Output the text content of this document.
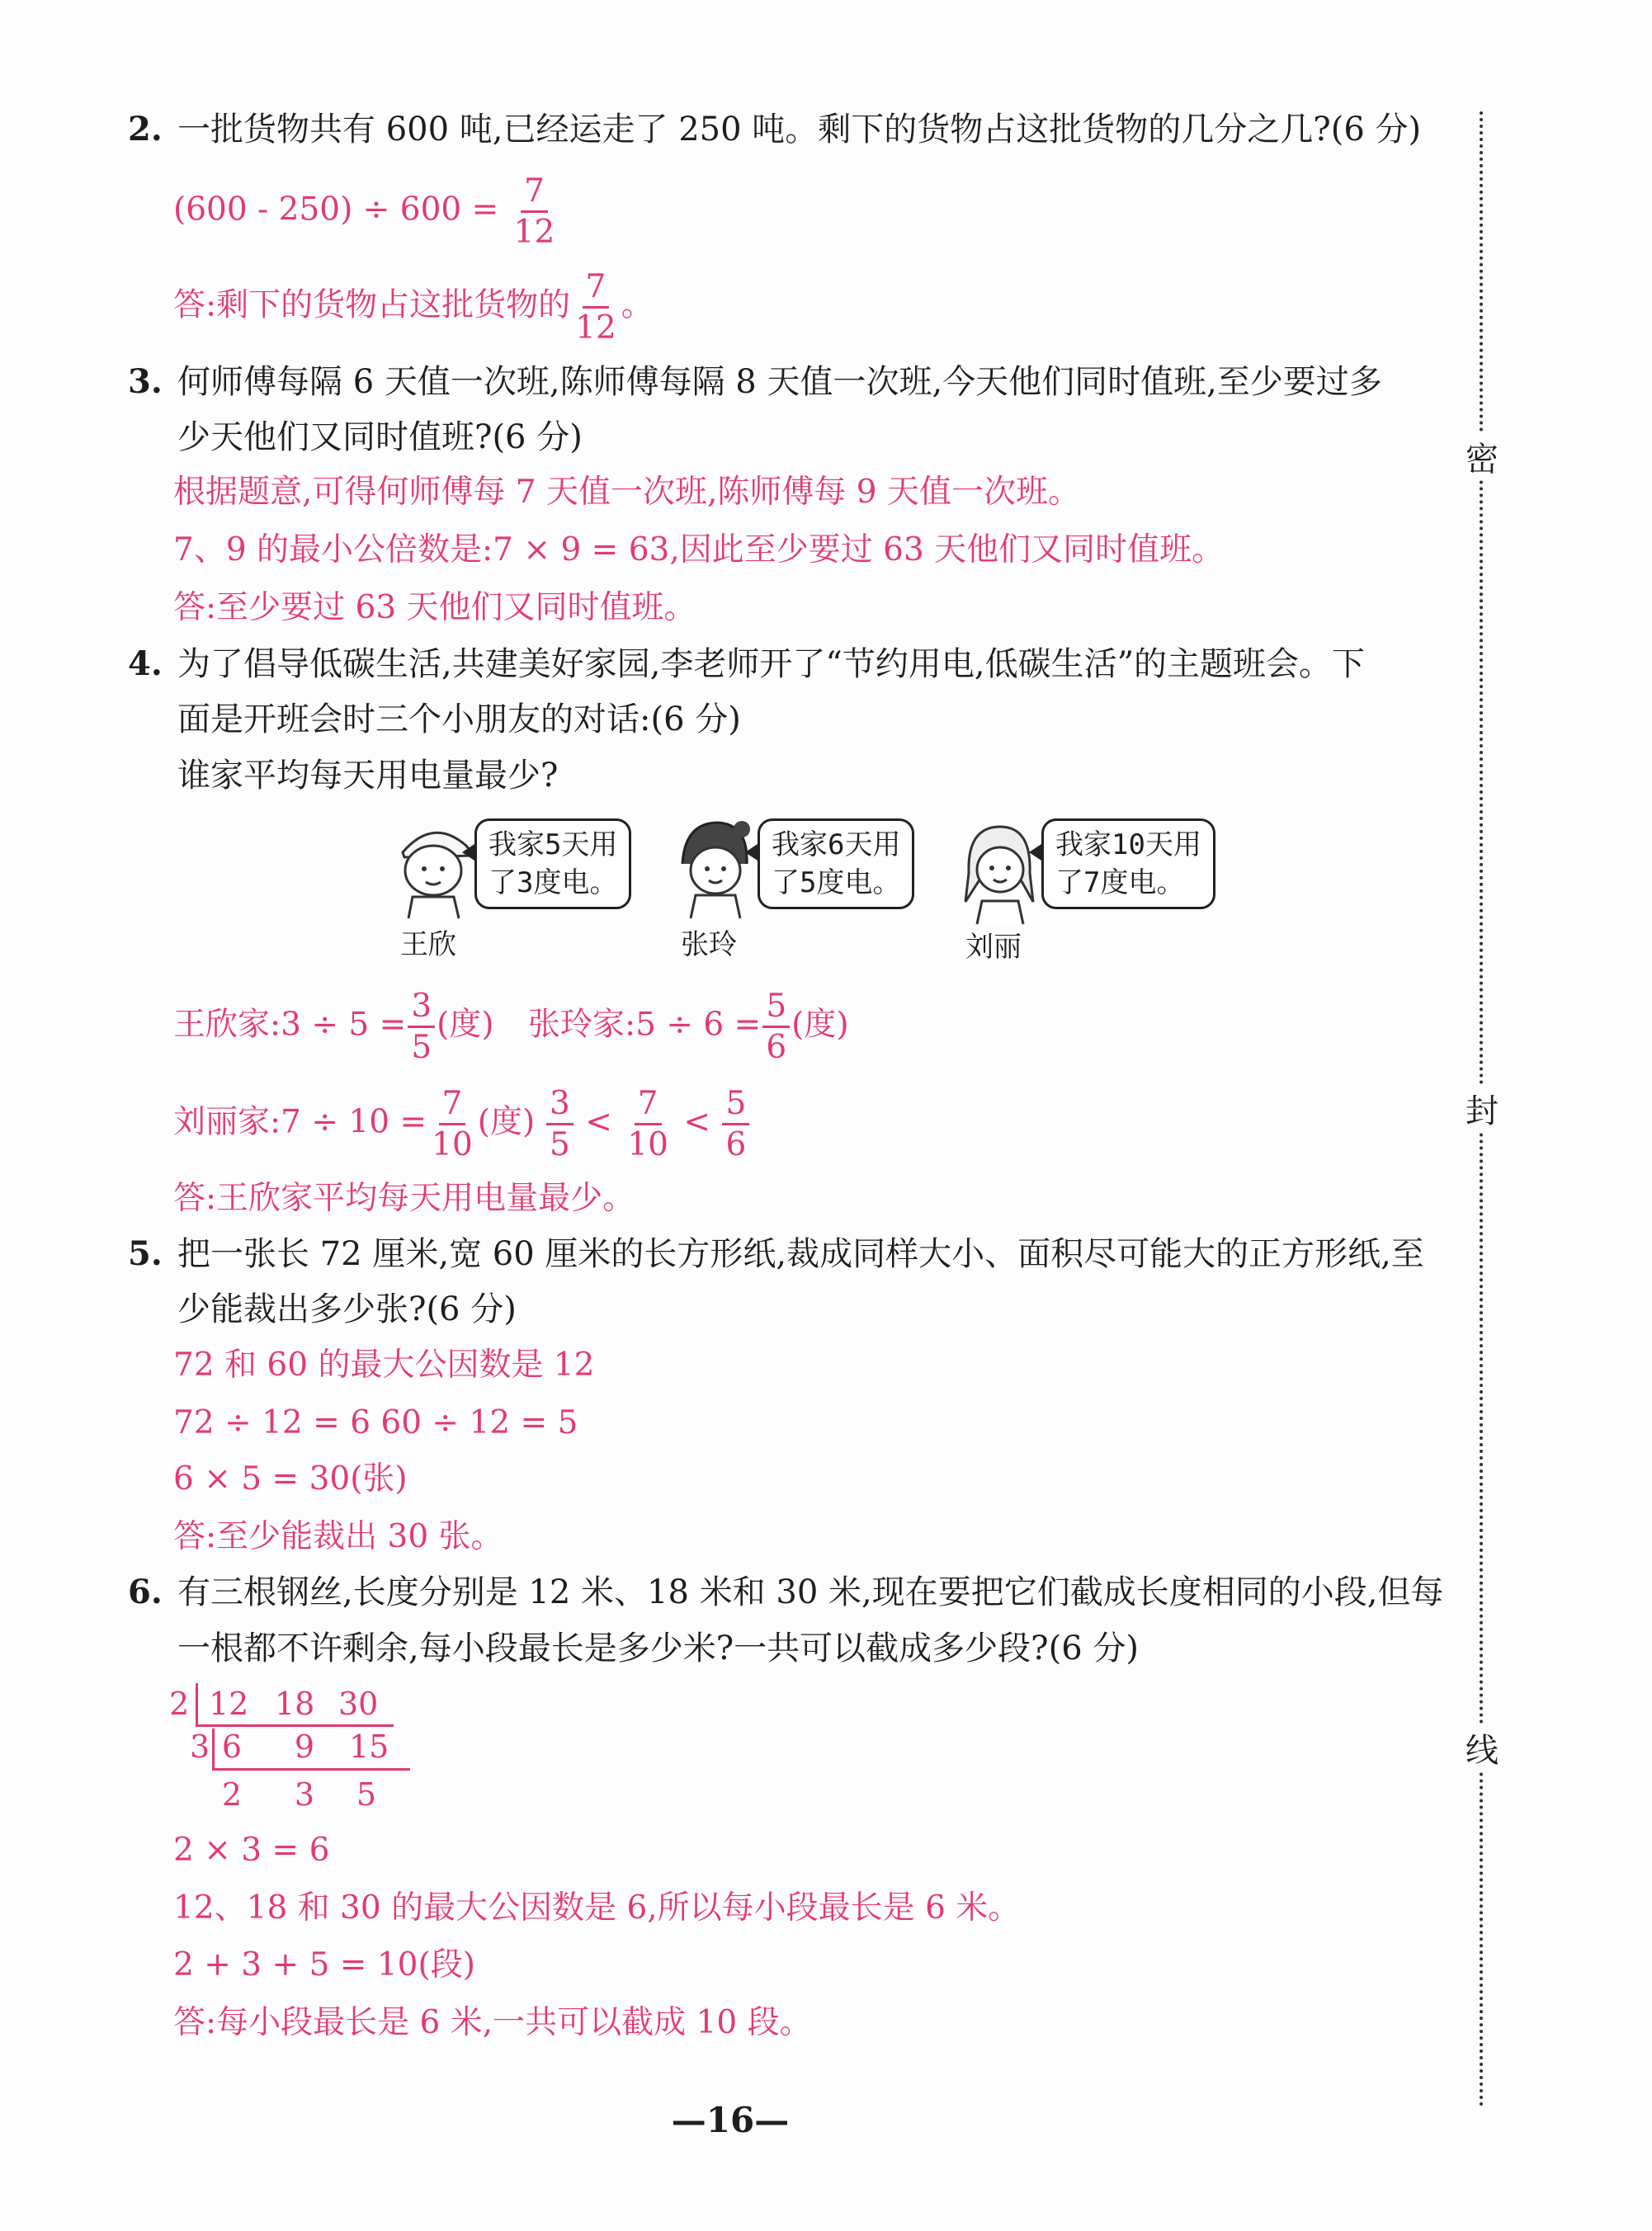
密
封
线
2. 一批货物共有 600 吨,已经运走了 250 吨。剩下的货物占这批货物的几分之几?(6 分)
$(600 - 250) \div 600 = \frac{7}{12}$
答:剩下的货物占这批货物的 $\frac{7}{12}$ 。
3. 何师傅每隔 6 天值一次班,陈师傅每隔 8 天值一次班,今天他们同时值班,至少要过多
少天他们又同时值班?(6 分)
根据题意,可得何师傅每 7 天值一次班,陈师傅每 9 天值一次班。
7、9 的最小公倍数是:7 × 9 = 63,因此至少要过 63 天他们又同时值班。
答:至少要过 63 天他们又同时值班。
4. 为了倡导低碳生活,共建美好家园,李老师开了“节约用电,低碳生活”的主题班会。下
面是开班会时三个小朋友的对话:(6 分)
谁家平均每天用电量最少?
我家5天用
了3度电。
王欣
我家6天用
了5度电。
张玲
我家10天用
了7度电。
刘丽
王欣家:3 ÷ $5 = \frac{3}{5}$ (度) 张玲家:5 ÷ $6 = \frac{5}{6}$ (度)
刘丽家:7 ÷ $10 = \frac{7}{10}$ (度) $\frac{3}{5} < \frac{7}{10} < \frac{5}{6}$
答:王欣家平均每天用电量最少。
5. 把一张长 72 厘米,宽 60 厘米的长方形纸,裁成同样大小、面积尽可能大的正方形纸,至
少能裁出多少张?(6 分)
72 和 60 的最大公因数是 12
72 ÷ 12 = 6 60 ÷ 12 = 5
6 × 5 = 30(张)
答:至少能裁出 30 张。
6. 有三根钢丝,长度分别是 12 米、18 米和 30 米,现在要把它们截成长度相同的小段,但每
一根都不许剩余,每小段最长是多少米?一共可以截成多少段?(6 分)
2 12 18 30
3 6 9 15
2 3 5
2 × 3 = 6
12、18 和 30 的最大公因数是 6,所以每小段最长是 6 米。
2 + 3 + 5 = 10(段)
答:每小段最长是 6 米,一共可以截成 10 段。
—16—
